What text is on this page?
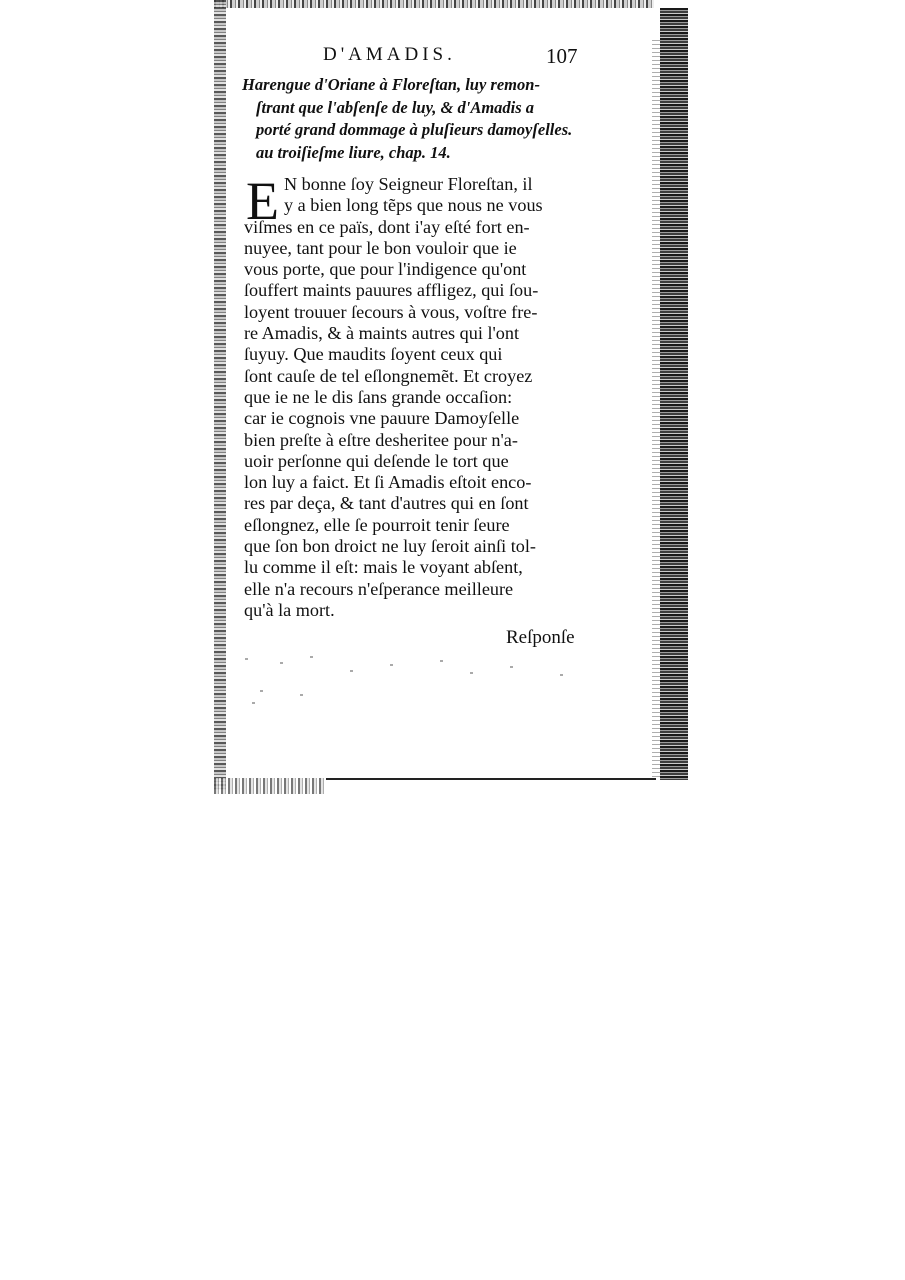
D'AMADIS.	107
Harengue d'Oriane à Floreſtan, luy remon-
ſtrant que l'abſenſe de luy, & d'Amadis a
porté grand dommage à pluſieurs damoyſelles.
au troiſieſme liure, chap. 14.
E N bonne ſoy Seigneur Floreſtan, il
y a bien long tẽps que nous ne vous
viſmes en ce païs, dont i'ay eſté fort en-
nuyee, tant pour le bon vouloir que ie
vous porte, que pour l'indigence qu'ont
ſouffert maints pauures affligez, qui ſou-
loyent trouuer ſecours à vous, voſtre fre-
re Amadis, & à maints autres qui l'ont
ſuyuy. Que maudits ſoyent ceux qui
ſont cauſe de tel eſlongnemẽt. Et croyez
que ie ne le dis ſans grande occaſion:
car ie cognois vne pauure Damoyſelle
bien preſte à eſtre desheritee pour n'a-
uoir perſonne qui deſende le tort que
lon luy a faict. Et ſi Amadis eſtoit enco-
res par deça, & tant d'autres qui en ſont
eſlongnez, elle ſe pourroit tenir ſeure
que ſon bon droict ne luy ſeroit ainſi tol-
lu comme il eſt: mais le voyant abſent,
elle n'a recours n'eſperance meilleure
qu'à la mort.
Reſponſe
